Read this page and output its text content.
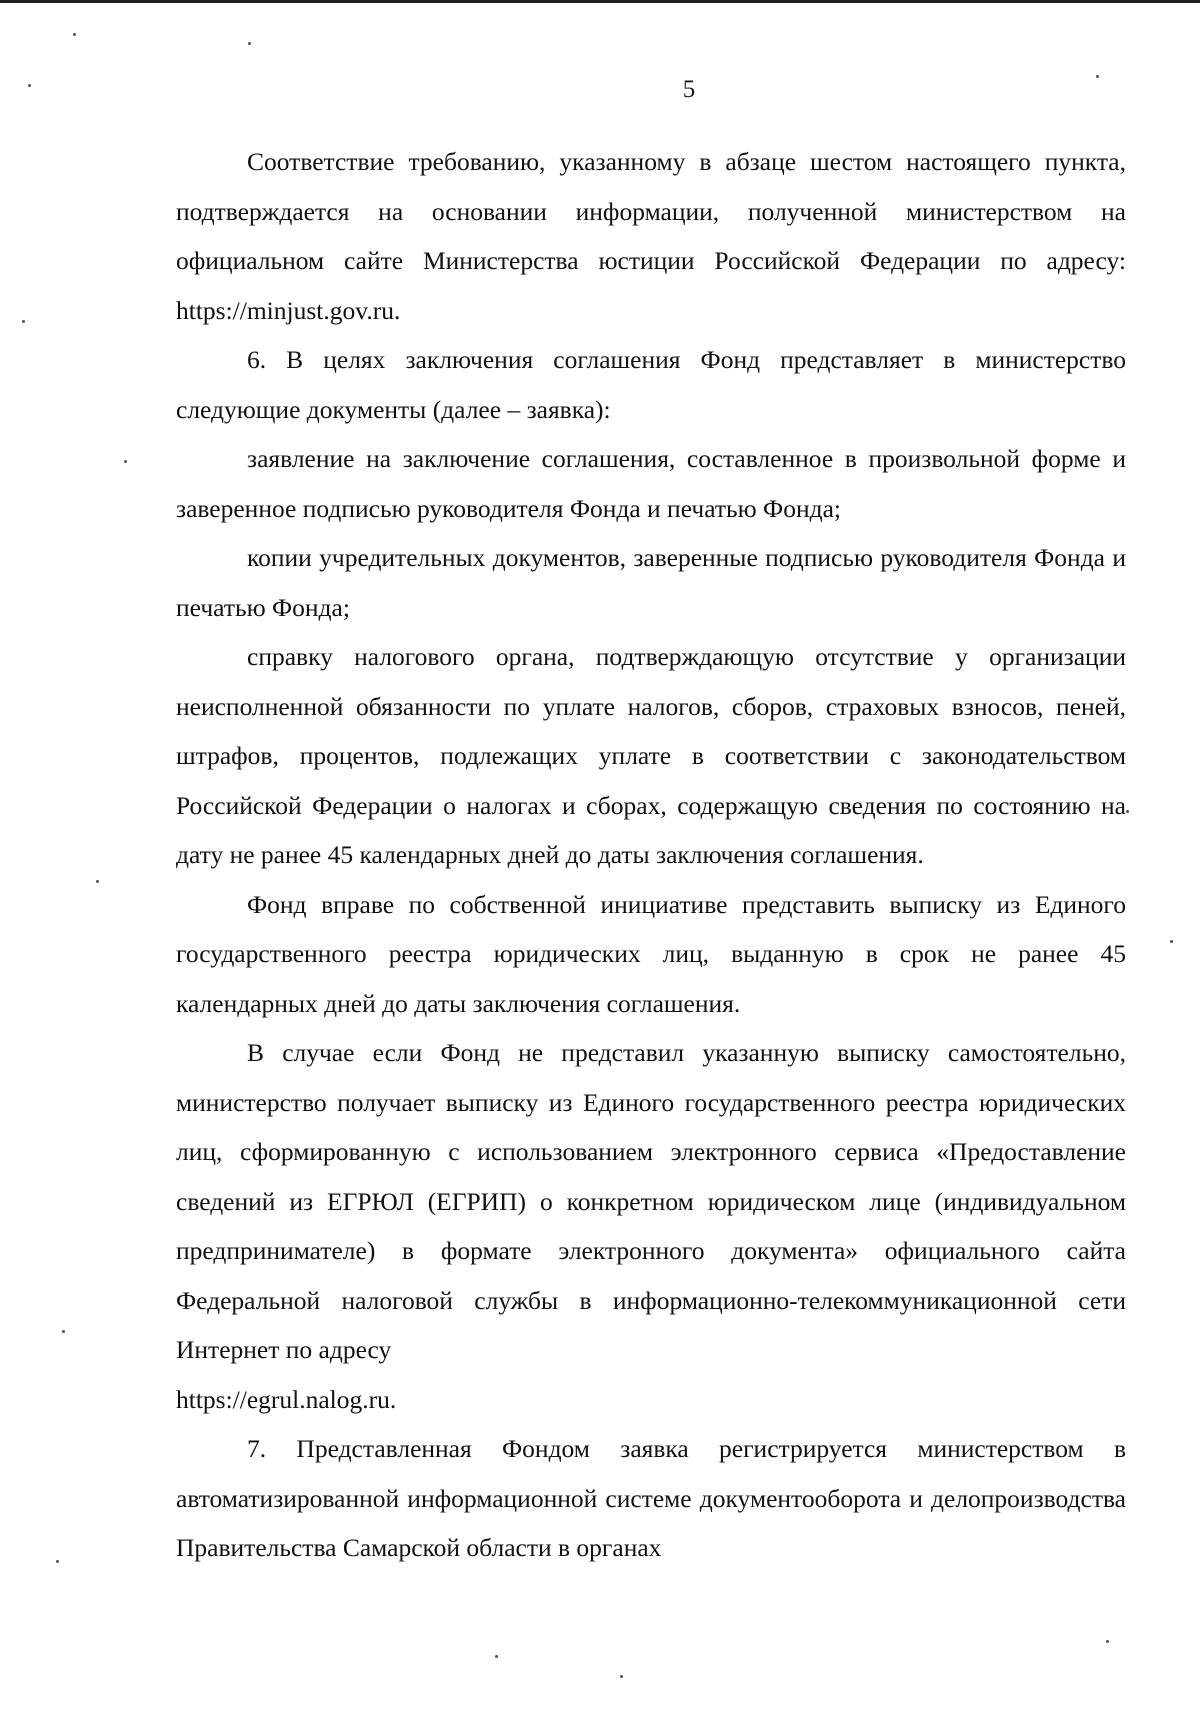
5

Соответствие требованию, указанному в абзаце шестом настоящего пункта, подтверждается на основании информации, полученной министерством на официальном сайте Министерства юстиции Российской Федерации по адресу: https://minjust.gov.ru.

6. В целях заключения соглашения Фонд представляет в министерство следующие документы (далее – заявка):

заявление на заключение соглашения, составленное в произвольной форме и заверенное подписью руководителя Фонда и печатью Фонда;

копии учредительных документов, заверенные подписью руководителя Фонда и печатью Фонда;

справку налогового органа, подтверждающую отсутствие у организации неисполненной обязанности по уплате налогов, сборов, страховых взносов, пеней, штрафов, процентов, подлежащих уплате в соответствии с законодательством Российской Федерации о налогах и сборах, содержащую сведения по состоянию на дату не ранее 45 календарных дней до даты заключения соглашения.

Фонд вправе по собственной инициативе представить выписку из Единого государственного реестра юридических лиц, выданную в срок не ранее 45 календарных дней до даты заключения соглашения.

В случае если Фонд не представил указанную выписку самостоятельно, министерство получает выписку из Единого государственного реестра юридических лиц, сформированную с использованием электронного сервиса «Предоставление сведений из ЕГРЮЛ (ЕГРИП) о конкретном юридическом лице (индивидуальном предпринимателе) в формате электронного документа» официального сайта Федеральной налоговой службы в информационно-телекоммуникационной сети Интернет по адресу

https://egrul.nalog.ru.

7. Представленная Фондом заявка регистрируется министерством в автоматизированной информационной системе документооборота и делопроизводства Правительства Самарской области в органах
